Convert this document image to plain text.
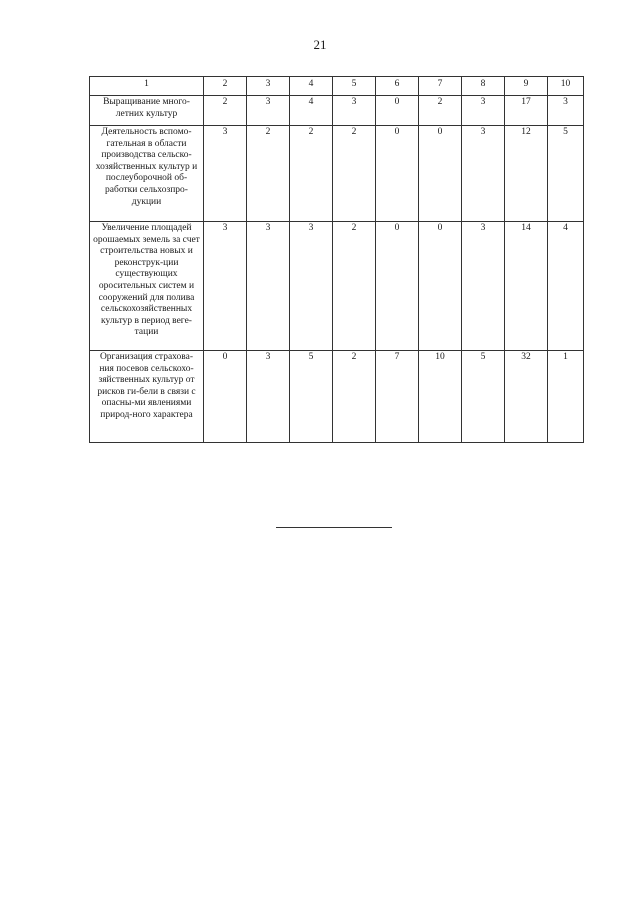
21
1	2	3	4	5	6	7	8	9	10
Выращивание много-летних культур	2	3	4	3	0	2	3	17	3
Деятельность вспомо-гательная в области производства сельско-хозяйственных культур и послеуборочной об-работки сельхозпро-дукции	3	2	2	2	0	0	3	12	5
Увеличение площадей орошаемых земель за счет строительства новых и реконструк-ции существующих оросительных систем и сооружений для полива сельскохозяйственных культур в период веге-тации	3	3	3	2	0	0	3	14	4
Организация страхова-ния посевов сельскохо-зяйственных культур от рисков ги-бели в связи с опасны-ми явлениями природ-ного характера	0	3	5	2	7	10	5	32	1
